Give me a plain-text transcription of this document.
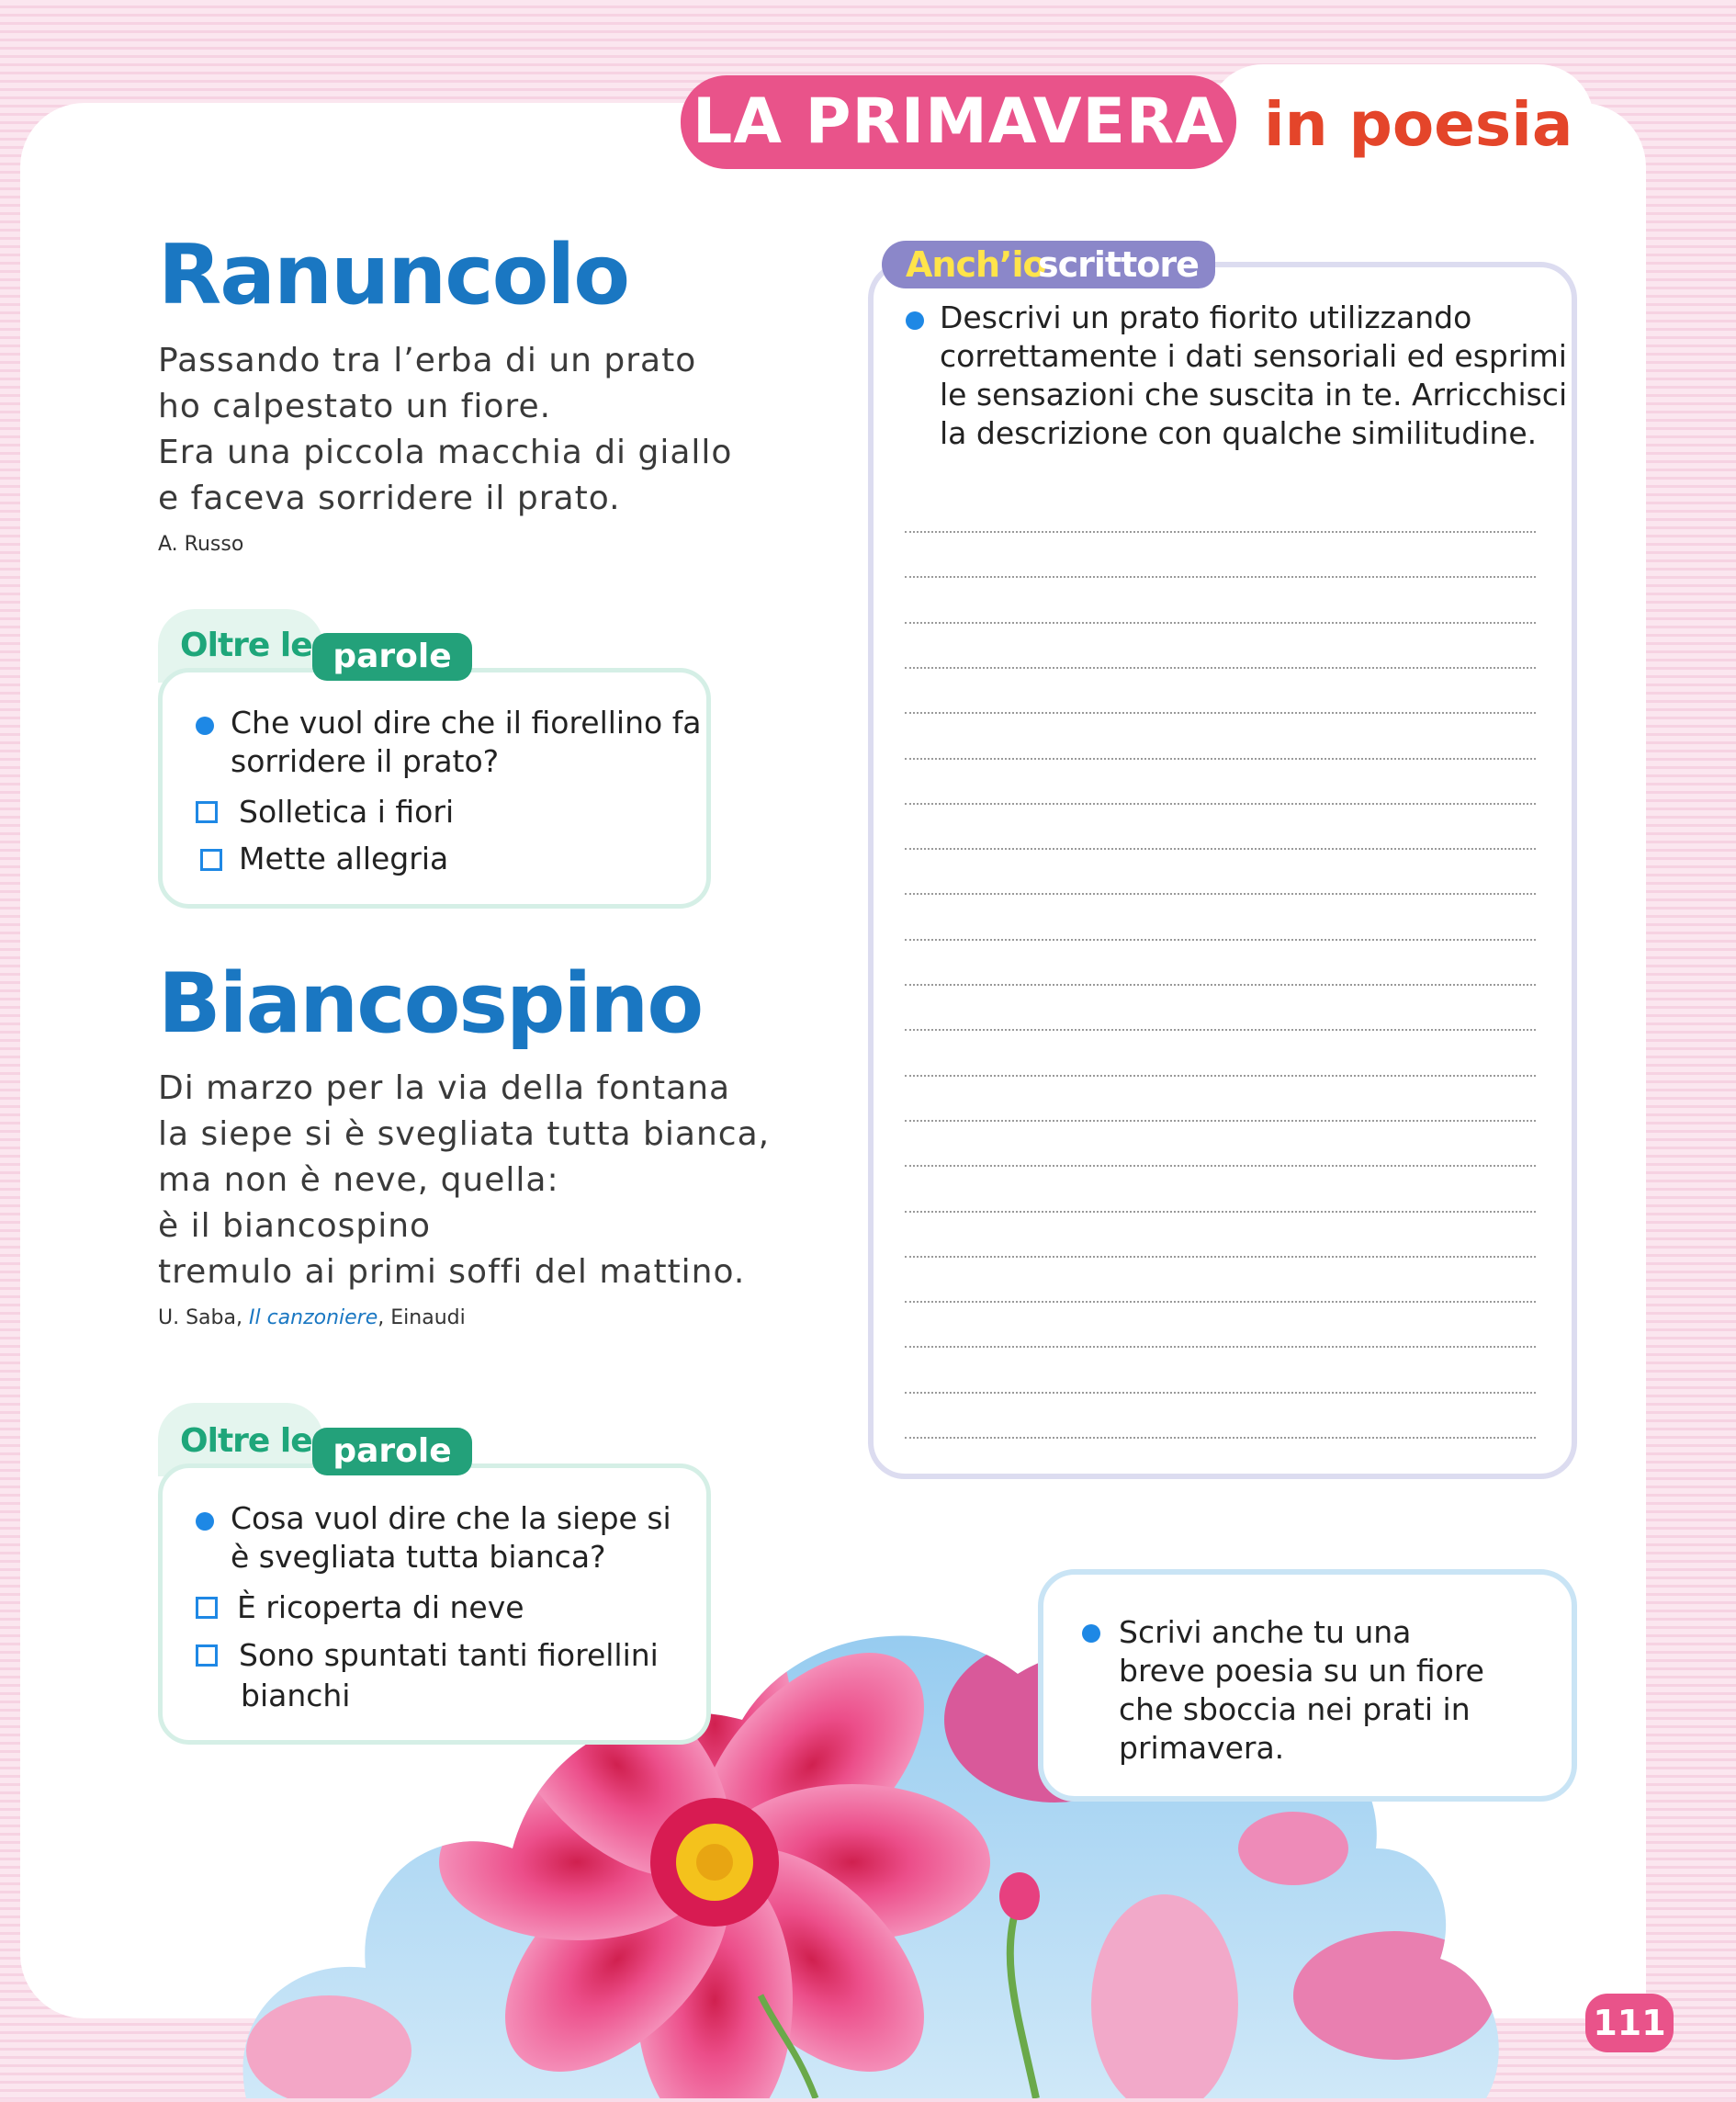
LA PRIMAVERA in poesia
Ranuncolo
Passando tra l’erba di un prato
ho calpestato un fiore.
Era una piccola macchia di giallo
e faceva sorridere il prato.
A. Russo
Oltre le parole
Che vuol dire che il fiorellino fa
sorridere il prato?
Solletica i fiori
Mette allegria
Biancospino
Di marzo per la via della fontana
la siepe si è svegliata tutta bianca,
ma non è neve, quella:
è il biancospino
tremulo ai primi soffi del mattino.
U. Saba, Il canzoniere, Einaudi
Oltre le parole
Cosa vuol dire che la siepe si
è svegliata tutta bianca?
È ricoperta di neve
Sono spuntati tanti fiorellini
bianchi
Anch’io
scrittore
Descrivi un prato fiorito utilizzando
correttamente i dati sensoriali ed esprimi
le sensazioni che suscita in te. Arricchisci
la descrizione con qualche similitudine.
Scrivi anche tu una
breve poesia su un fiore
che sboccia nei prati in
primavera.
111
